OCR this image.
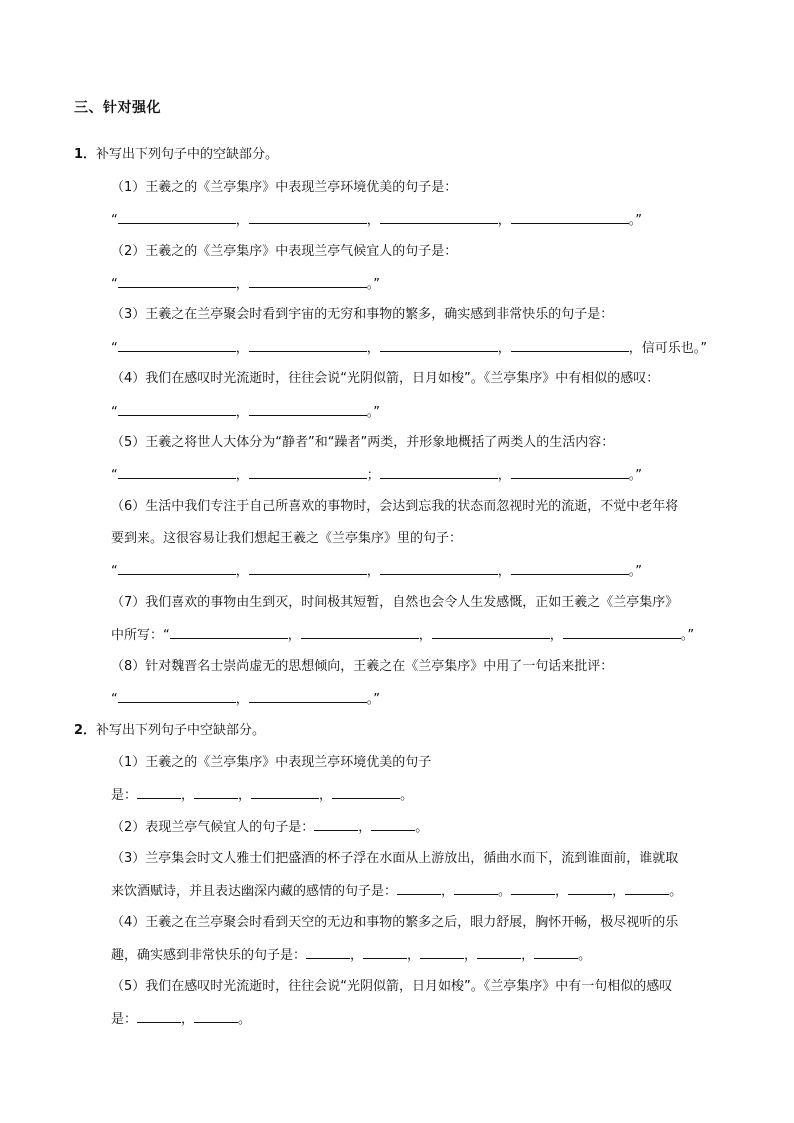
三、针对强化
1．补写出下列句子中的空缺部分。
（1）王羲之的《兰亭集序》中表现兰亭环境优美的句子是：
“	，	，	，	。”
（2）王羲之的《兰亭集序》中表现兰亭气候宜人的句子是：
“	，	。”
（3）王羲之在兰亭聚会时看到宇宙的无穷和事物的繁多，确实感到非常快乐的句子是：
“	，	，	，	，信可乐也。”
（4）我们在感叹时光流逝时，往往会说“光阴似箭，日月如梭”。《兰亭集序》中有相似的感叹：
“	，	。”
（5）王羲之将世人大体分为“静者”和“躁者”两类，并形象地概括了两类人的生活内容：
“	，	；	，	。”
（6）生活中我们专注于自己所喜欢的事物时，会达到忘我的状态而忽视时光的流逝，不觉中老年将
要到来。这很容易让我们想起王羲之《兰亭集序》里的句子：
“	，	，	，	。”
（7）我们喜欢的事物由生到灭，时间极其短暂，自然也会令人生发感慨，正如王羲之《兰亭集序》
中所写：“	，	，	，	。”
（8）针对魏晋名士崇尚虚无的思想倾向，王羲之在《兰亭集序》中用了一句话来批评：
“	，	。”
2．补写出下列句子中空缺部分。
（1）王羲之的《兰亭集序》中表现兰亭环境优美的句子
是：	，	，	，	。
（2）表现兰亭气候宜人的句子是：	，	。
（3）兰亭集会时文人雅士们把盛酒的杯子浮在水面从上游放出，循曲水而下，流到谁面前，谁就取
来饮酒赋诗，并且表达幽深内藏的感情的句子是：	，	。	，	，	。
（4）王羲之在兰亭聚会时看到天空的无边和事物的繁多之后，眼力舒展，胸怀开畅，极尽视听的乐
趣，确实感到非常快乐的句子是：	，	，	，	，	。
（5）我们在感叹时光流逝时，往往会说“光阴似箭，日月如梭”。《兰亭集序》中有一句相似的感叹
是：	，	。
